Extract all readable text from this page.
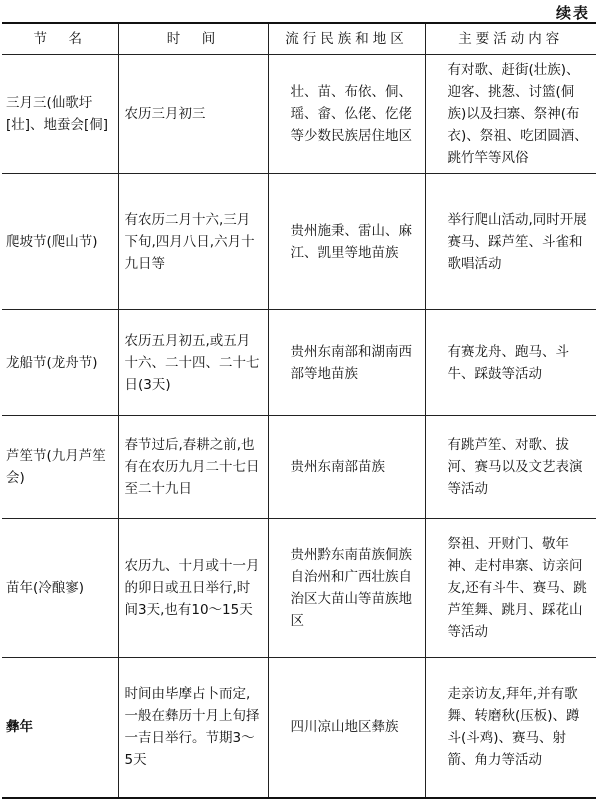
续表
节　名	时　间	流行民族和地区	主要活动内容
三月三(仙歌圩[壮]、地蚕会[侗]	农历三月初三	壮、苗、布依、侗、瑶、畲、仫佬、仡佬等少数民族居住地区	有对歌、赶街(壮族)、迎客、挑葱、讨篮(侗族)以及扫寨、祭神(布衣)、祭祖、吃团圆酒、跳竹竿等风俗
爬坡节(爬山节)	有农历二月十六,三月下旬,四月八日,六月十九日等	贵州施秉、雷山、麻江、凯里等地苗族	举行爬山活动,同时开展赛马、踩芦笙、斗雀和歌唱活动
龙船节(龙舟节)	农历五月初五,或五月十六、二十四、二十七日(3天)	贵州东南部和湖南西部等地苗族	有赛龙舟、跑马、斗牛、踩鼓等活动
芦笙节(九月芦笙会)	春节过后,春耕之前,也有在农历九月二十七日至二十九日	贵州东南部苗族	有跳芦笙、对歌、拔河、赛马以及文艺表演等活动
苗年(冷酿寥)	农历九、十月或十一月的卯日或丑日举行,时间3天,也有10～15天	贵州黔东南苗族侗族自治州和广西壮族自治区大苗山等苗族地区	祭祖、开财门、敬年神、走村串寨、访亲问友,还有斗牛、赛马、跳芦笙舞、跳月、踩花山等活动
彝年	时间由毕摩占卜而定,一般在彝历十月上旬择一吉日举行。节期3～5天	四川凉山地区彝族	走亲访友,拜年,并有歌舞、转磨秋(压板)、蹲斗(斗鸡)、赛马、射箭、角力等活动
